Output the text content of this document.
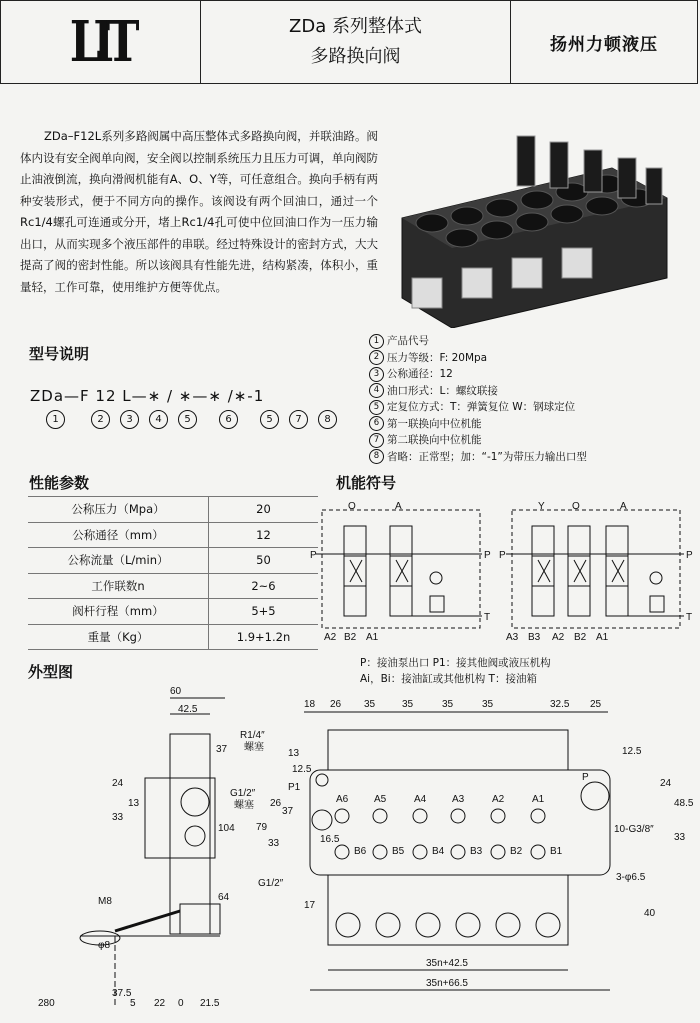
LIT	ZDa 系列整体式
多路换向阀
扬州力顿液压
ZDa–F12L系列多路阀属中高压整体式多路换向阀，并联油路。阀体内设有安全阀单向阀，安全阀以控制系统压力且压力可调，单向阀防止油液倒流，换向滑阀机能有A、O、Y等，可任意组合。换向手柄有两种安装形式，便于不同方向的操作。该阀设有两个回油口，通过一个Rc1/4螺孔可连通或分开，堵上Rc1/4孔可使中位回油口作为一压力输出口，从而实现多个液压部件的串联。经过特殊设计的密封方式，大大提高了阀的密封性能。所以该阀具有性能先进，结构紧凑，体积小，重量轻，工作可靠，使用维护方便等优点。
型号说明
ZDa—F 12 L—∗ / ∗—∗ /∗-1
1	2	3	4	5	6	5	7	8
1 产品代号
2 压力等级：F: 20Mpa
3 公称通径：12
4 油口形式：L：螺纹联接
5 定复位方式：T：弹簧复位 W：钢球定位
6 第一联换向中位机能
7 第二联换向中位机能
8 省略：正常型；加：“-1”为带压力输出口型
性能参数
公称压力（Mpa）	20
公称通径（mm）	12
公称流量（L/min）	50
工作联数n	2~6
阀杆行程（mm）	5+5
重量（Kg）	1.9+1.2n
机能符号
O	A
P	P
T
A2 B2 A1
Y	O	A
P	P
T
A3 B3 A2 B2 A1
外型图	P：接油泵出口 P1：接其他阀或液压机构
Ai，Bi：接油缸或其他机构 T：接油箱
60
42.5
37
24
33
104
13
64
M8
φ8
280	22
37.5
5	0 21.5
18 26 35	35	35	35	32.5 25
R1/4″
螺塞
G1/2″
螺塞
G1/2″
P1
P
A6	A5	A4	A3	A2	A1
B6	B5	B4	B3	B2	B1
13
12.5
26
37
79
33	16.5
12.5
24
48.5
10-G3/8″
33
3-φ6.5
17
40
35n+42.5
35n+66.5
